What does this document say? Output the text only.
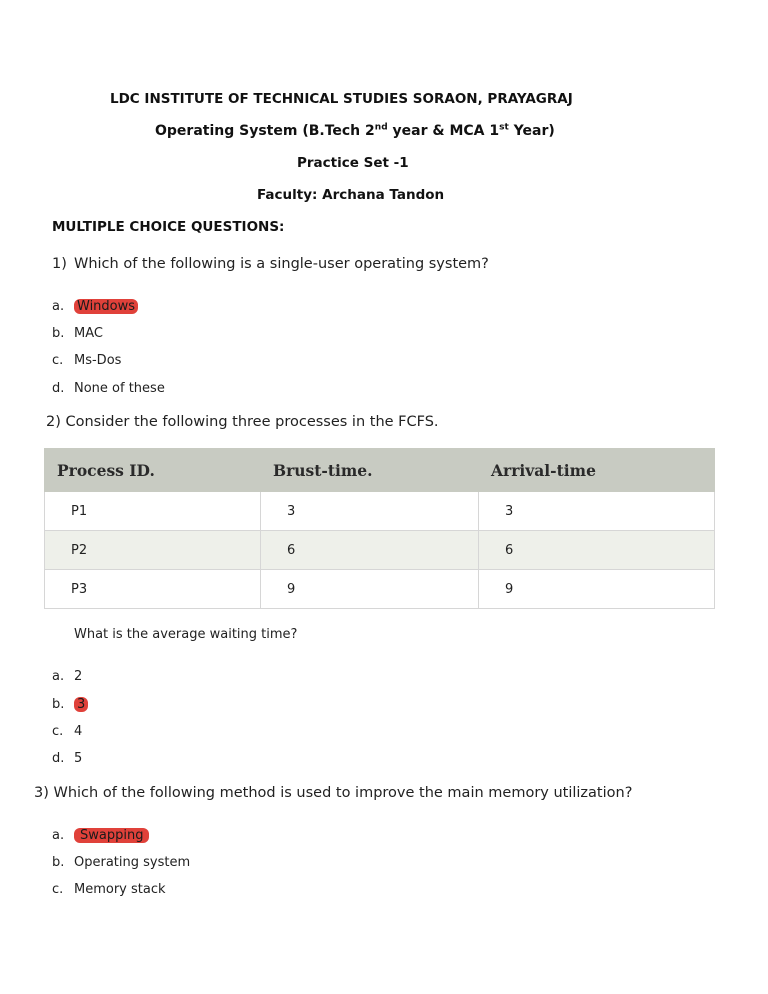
LDC INSTITUTE OF TECHNICAL STUDIES SORAON, PRAYAGRAJ
Operating System (B.Tech 2nd year & MCA 1st Year)
Practice Set -1
Faculty: Archana Tandon
MULTIPLE CHOICE QUESTIONS:
1) Which of the following is a single-user operating system?
a. Windows
b. MAC
c. Ms-Dos
d. None of these
2) Consider the following three processes in the FCFS.
Process ID.	Brust-time.	Arrival-time
P1	3	3
P2	6	6
P3	9	9
What is the average waiting time?
a. 2
b. 3
c. 4
d. 5
3) Which of the following method is used to improve the main memory utilization?
a. Swapping
b. Operating system
c. Memory stack
